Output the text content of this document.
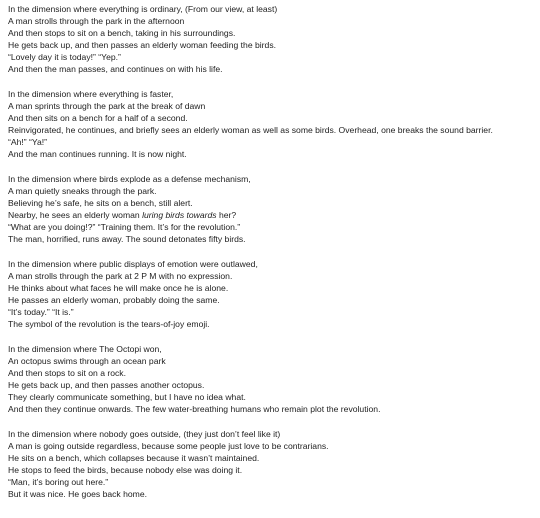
In the dimension where everything is ordinary, (From our view, at least)
A man strolls through the park in the afternoon
And then stops to sit on a bench, taking in his surroundings.
He gets back up, and then passes an elderly woman feeding the birds.
“Lovely day it is today!” “Yep.”
And then the man passes, and continues on with his life.
In the dimension where everything is faster,
A man sprints through the park at the break of dawn
And then sits on a bench for a half of a second.
Reinvigorated, he continues, and briefly sees an elderly woman as well as some birds. Overhead, one breaks the sound barrier.
“Ah!” “Ya!”
And the man continues running. It is now night.
In the dimension where birds explode as a defense mechanism,
A man quietly sneaks through the park.
Believing he’s safe, he sits on a bench, still alert.
Nearby, he sees an elderly woman luring birds towards her?
“What are you doing!?” “Training them. It’s for the revolution.”
The man, horrified, runs away. The sound detonates fifty birds.
In the dimension where public displays of emotion were outlawed,
A man strolls through the park at 2 P M with no expression.
He thinks about what faces he will make once he is alone.
He passes an elderly woman, probably doing the same.
“It’s today.” “It is.”
The symbol of the revolution is the tears-of-joy emoji.
In the dimension where The Octopi won,
An octopus swims through an ocean park
And then stops to sit on a rock.
He gets back up, and then passes another octopus.
They clearly communicate something, but I have no idea what.
And then they continue onwards. The few water-breathing humans who remain plot the revolution.
In the dimension where nobody goes outside, (they just don’t feel like it)
A man is going outside regardless, because some people just love to be contrarians.
He sits on a bench, which collapses because it wasn’t maintained.
He stops to feed the birds, because nobody else was doing it.
“Man, it’s boring out here.”
But it was nice. He goes back home.
